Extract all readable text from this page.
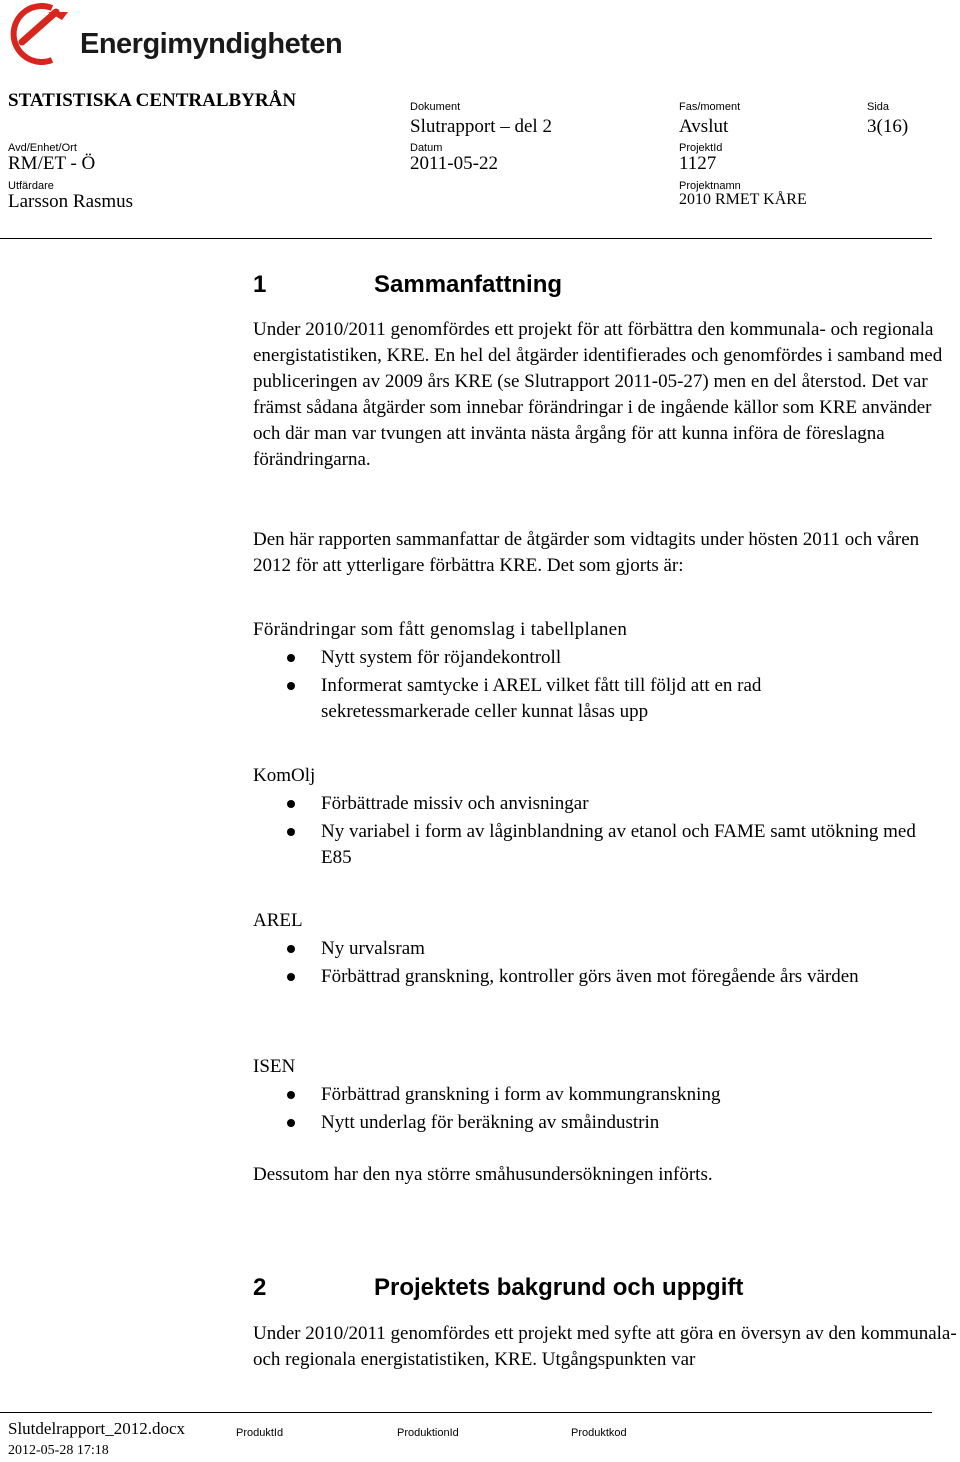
Energimyndigheten
STATISTISKA CENTRALBYRÅN	Dokument
Slutrapport – del 2
Fas/moment
Avslut
Sida
3(16)
Avd/Enhet/Ort
RM/ET - Ö
Datum
2011-05-22
ProjektId
1127
Utfärdare
Larsson Rasmus
Projektnamn
2010 RMET KÅRE
1	Sammanfattning

Under 2010/2011 genomfördes ett projekt för att förbättra den kommunala- och regionala energistatistiken, KRE. En hel del åtgärder identifierades och genomfördes i samband med publiceringen av 2009 års KRE (se Slutrapport 2011-05-27) men en del återstod. Det var främst sådana åtgärder som innebar förändringar i de ingående källor som KRE använder och där man var tvungen att invänta nästa årgång för att kunna införa de föreslagna förändringarna.

Den här rapporten sammanfattar de åtgärder som vidtagits under hösten 2011 och våren 2012 för att ytterligare förbättra KRE. Det som gjorts är:

Förändringar som fått genomslag i tabellplanen
Nytt system för röjandekontroll
Informerat samtycke i AREL vilket fått till följd att en rad sekretessmarkerade celler kunnat låsas upp
KomOlj
Förbättrade missiv och anvisningar
Ny variabel i form av låginblandning av etanol och FAME samt utökning med E85
AREL
Ny urvalsram
Förbättrad granskning, kontroller görs även mot föregående års värden
ISEN
Förbättrad granskning i form av kommungranskning
Nytt underlag för beräkning av småindustrin
Dessutom har den nya större småhusundersökningen införts.
2	Projektets bakgrund och uppgift

Under 2010/2011 genomfördes ett projekt med syfte att göra en översyn av den kommunala- och regionala energistatistiken, KRE. Utgångspunkten var

Slutdelrapport_2012.docx
2012-05-28 17:18
ProduktId	ProduktionId	Produktkod
